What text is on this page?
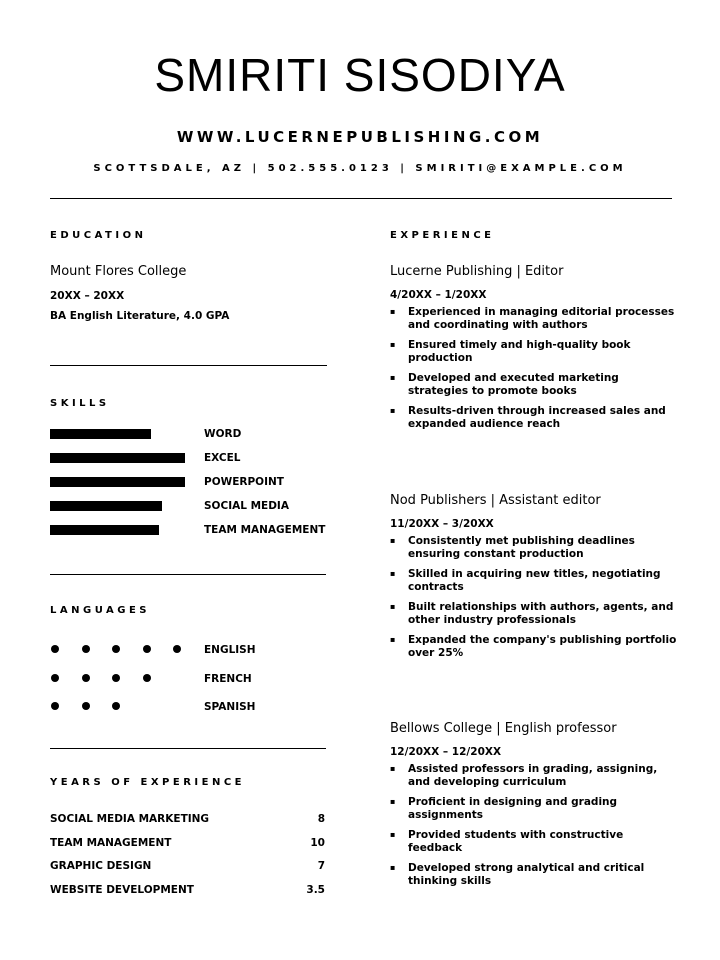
SMIRITI SISODIYA
WWW.LUCERNEPUBLISHING.COM
SCOTTSDALE, AZ | 502.555.0123 | SMIRITI@EXAMPLE.COM
EDUCATION
Mount Flores College
20XX – 20XX
BA English Literature, 4.0 GPA
SKILLS
WORD
EXCEL
POWERPOINT
SOCIAL MEDIA
TEAM MANAGEMENT
LANGUAGES
ENGLISH
FRENCH
SPANISH
YEARS OF EXPERIENCE
SOCIAL MEDIA MARKETING	8
TEAM MANAGEMENT	10
GRAPHIC DESIGN	7
WEBSITE DEVELOPMENT	3.5
EXPERIENCE
Lucerne Publishing | Editor
4/20XX – 1/20XX
▪ Experienced in managing editorial processes and coordinating with authors
▪ Ensured timely and high-quality book production
▪ Developed and executed marketing strategies to promote books
▪ Results-driven through increased sales and expanded audience reach
Nod Publishers | Assistant editor
11/20XX – 3/20XX
▪ Consistently met publishing deadlines ensuring constant production
▪ Skilled in acquiring new titles, negotiating contracts
▪ Built relationships with authors, agents, and other industry professionals
▪ Expanded the company's publishing portfolio over 25%
Bellows College | English professor
12/20XX – 12/20XX
▪ Assisted professors in grading, assigning, and developing curriculum
▪ Proficient in designing and grading assignments
▪ Provided students with constructive feedback
▪ Developed strong analytical and critical thinking skills
